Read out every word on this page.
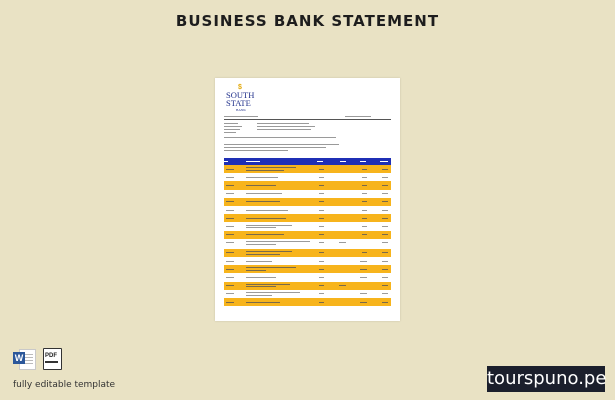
BUSINESS BANK STATEMENT
$
SOUTH
STATE
BANK
W	PDF
fully editable template	tourspuno.pe
